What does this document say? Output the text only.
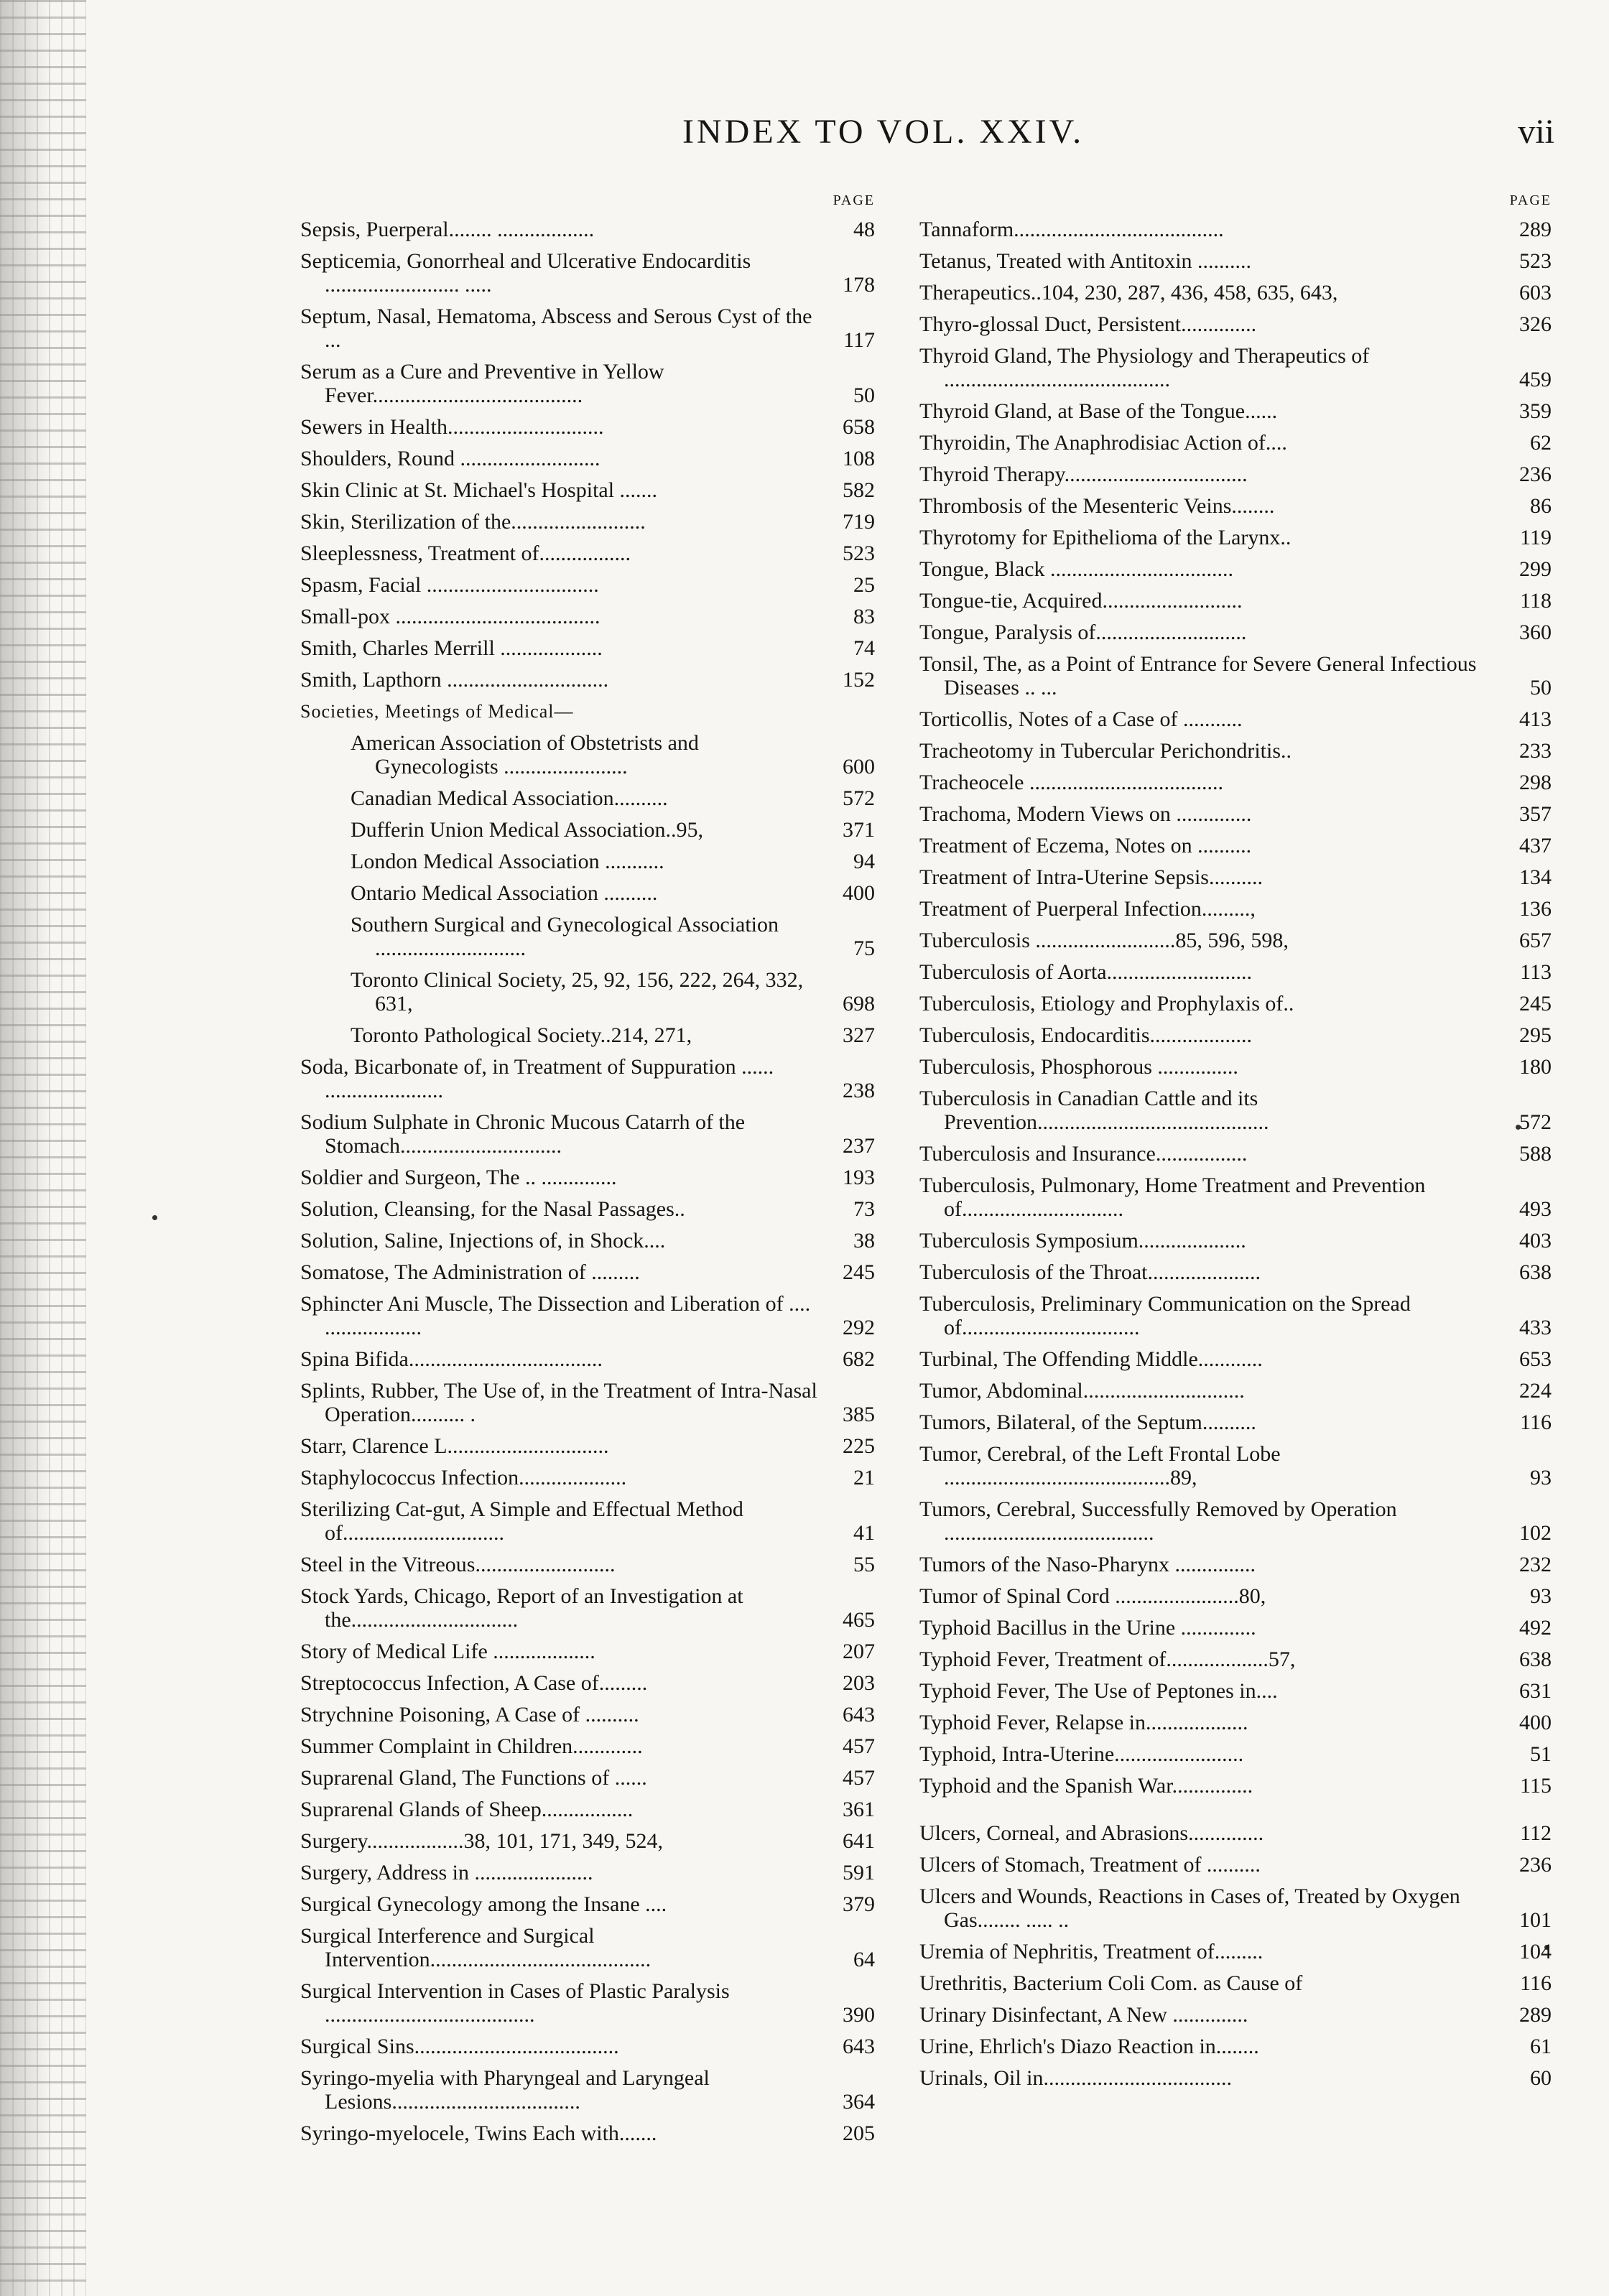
INDEX TO VOL. XXIV.	vii
PAGE
Sepsis, Puerperal........ ..................	48
Septicemia, Gonorrheal and Ulcerative Endocarditis ......................... .....	178
Septum, Nasal, Hematoma, Abscess and Serous Cyst of the ...	117
Serum as a Cure and Preventive in Yellow Fever.......................................	50
Sewers in Health.............................	658
Shoulders, Round ..........................	108
Skin Clinic at St. Michael's Hospital .......	582
Skin, Sterilization of the.........................	719
Sleeplessness, Treatment of.................	523
Spasm, Facial ................................	25
Small-pox ......................................	83
Smith, Charles Merrill ...................	74
Smith, Lapthorn ..............................	152
Societies, Meetings of Medical—
American Association of Obstetrists and Gynecologists .......................	600
Canadian Medical Association..........	572
Dufferin Union Medical Association..95,	371
London Medical Association ...........	94
Ontario Medical Association ..........	400
Southern Surgical and Gynecological Association ............................	75
Toronto Clinical Society, 25, 92, 156, 222, 264, 332, 631,	698
Toronto Pathological Society..214, 271,	327
Soda, Bicarbonate of, in Treatment of Suppuration ...... ......................	238
Sodium Sulphate in Chronic Mucous Catarrh of the Stomach..............................	237
Soldier and Surgeon, The .. ..............	193
Solution, Cleansing, for the Nasal Passages..	73
Solution, Saline, Injections of, in Shock....	38
Somatose, The Administration of .........	245
Sphincter Ani Muscle, The Dissection and Liberation of .... ..................	292
Spina Bifida....................................	682
Splints, Rubber, The Use of, in the Treatment of Intra-Nasal Operation.......... .	385
Starr, Clarence L..............................	225
Staphylococcus Infection....................	21
Sterilizing Cat-gut, A Simple and Effectual Method of..............................	41
Steel in the Vitreous..........................	55
Stock Yards, Chicago, Report of an Investigation at the...............................	465
Story of Medical Life ...................	207
Streptococcus Infection, A Case of.........	203
Strychnine Poisoning, A Case of ..........	643
Summer Complaint in Children.............	457
Suprarenal Gland, The Functions of ......	457
Suprarenal Glands of Sheep.................	361
Surgery..................38, 101, 171, 349, 524,	641
Surgery, Address in ......................	591
Surgical Gynecology among the Insane ....	379
Surgical Interference and Surgical Intervention.........................................	64
Surgical Intervention in Cases of Plastic Paralysis .......................................	390
Surgical Sins......................................	643
Syringo-myelia with Pharyngeal and Laryngeal Lesions...................................	364
Syringo-myelocele, Twins Each with.......	205
PAGE
Tannaform.......................................	289
Tetanus, Treated with Antitoxin ..........	523
Therapeutics..104, 230, 287, 436, 458, 635, 643,	603
Thyro-glossal Duct, Persistent..............	326
Thyroid Gland, The Physiology and Therapeutics of ..........................................	459
Thyroid Gland, at Base of the Tongue......	359
Thyroidin, The Anaphrodisiac Action of....	62
Thyroid Therapy..................................	236
Thrombosis of the Mesenteric Veins........	86
Thyrotomy for Epithelioma of the Larynx..	119
Tongue, Black ..................................	299
Tongue-tie, Acquired..........................	118
Tongue, Paralysis of............................	360
Tonsil, The, as a Point of Entrance for Severe General Infectious Diseases .. ...	50
Torticollis, Notes of a Case of ...........	413
Tracheotomy in Tubercular Perichondritis..	233
Tracheocele ....................................	298
Trachoma, Modern Views on ..............	357
Treatment of Eczema, Notes on ..........	437
Treatment of Intra-Uterine Sepsis..........	134
Treatment of Puerperal Infection.........,	136
Tuberculosis ..........................85, 596, 598,	657
Tuberculosis of Aorta...........................	113
Tuberculosis, Etiology and Prophylaxis of..	245
Tuberculosis, Endocarditis...................	295
Tuberculosis, Phosphorous ...............	180
Tuberculosis in Canadian Cattle and its Prevention...........................................	572
Tuberculosis and Insurance.................	588
Tuberculosis, Pulmonary, Home Treatment and Prevention of..............................	493
Tuberculosis Symposium....................	403
Tuberculosis of the Throat.....................	638
Tuberculosis, Preliminary Communication on the Spread of.................................	433
Turbinal, The Offending Middle............	653
Tumor, Abdominal..............................	224
Tumors, Bilateral, of the Septum..........	116
Tumor, Cerebral, of the Left Frontal Lobe ..........................................89,	93
Tumors, Cerebral, Successfully Removed by Operation .......................................	102
Tumors of the Naso-Pharynx ...............	232
Tumor of Spinal Cord .......................80,	93
Typhoid Bacillus in the Urine ..............	492
Typhoid Fever, Treatment of...................57,	638
Typhoid Fever, The Use of Peptones in....	631
Typhoid Fever, Relapse in...................	400
Typhoid, Intra-Uterine........................	51
Typhoid and the Spanish War...............	115
Ulcers, Corneal, and Abrasions..............	112
Ulcers of Stomach, Treatment of ..........	236
Ulcers and Wounds, Reactions in Cases of, Treated by Oxygen Gas........ ..... ..	101
Uremia of Nephritis, Treatment of.........	104
Urethritis, Bacterium Coli Com. as Cause of	116
Urinary Disinfectant, A New ..............	289
Urine, Ehrlich's Diazo Reaction in........	61
Urinals, Oil in...................................	60
